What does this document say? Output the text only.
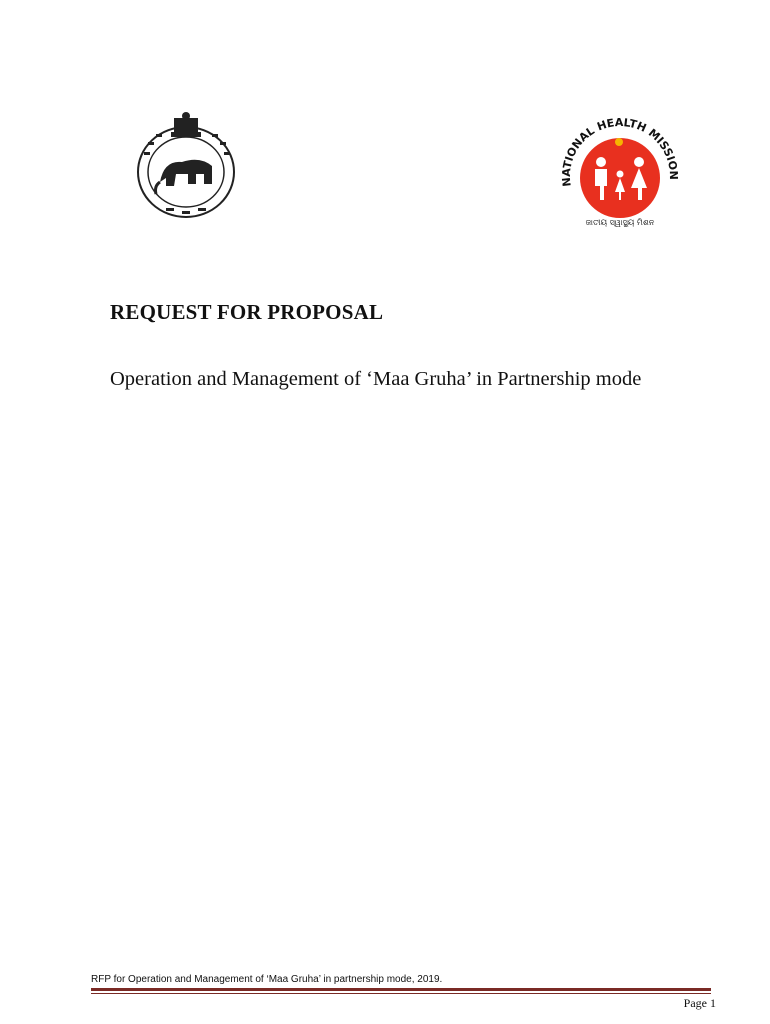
NATIONAL HEALTH MISSION
ଜାତୀୟ ସ୍ୱାସ୍ଥ୍ୟ ମିଶନ
REQUEST FOR PROPOSAL
Operation and Management of ‘Maa Gruha’ in Partnership mode
RFP for Operation and Management of ‘Maa Gruha’ in partnership mode, 2019.
Page 1
